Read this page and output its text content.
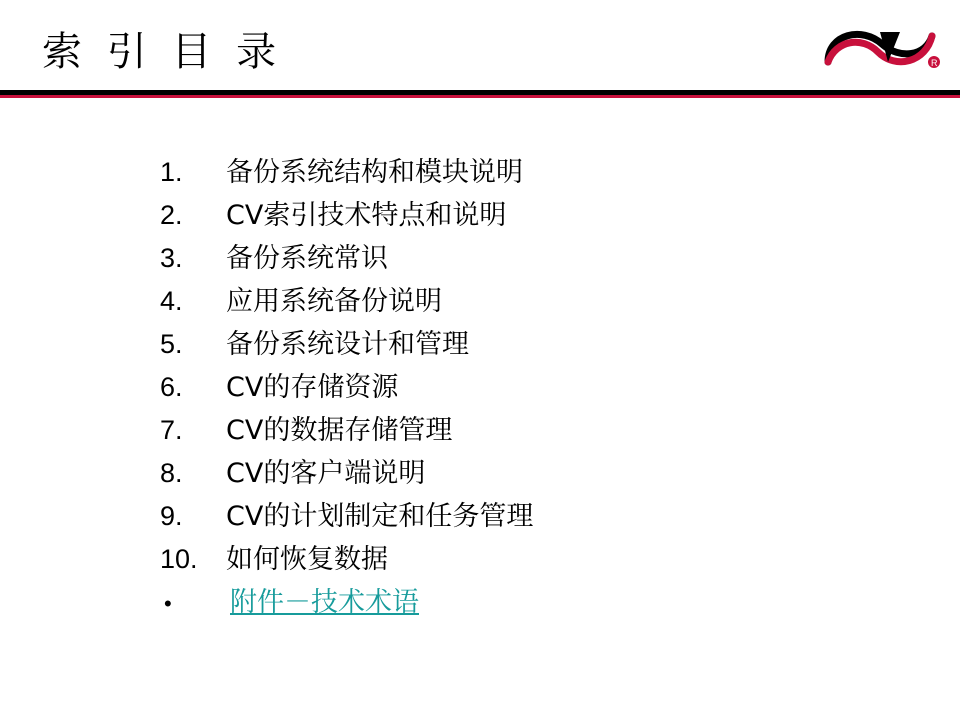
索 引 目 录	R
1.	备份系统结构和模块说明
2.	CV索引技术特点和说明
3.	备份系统常识
4.	应用系统备份说明
5.	备份系统设计和管理
6.	CV的存储资源
7.	CV的数据存储管理
8.	CV的客户端说明
9.	CV的计划制定和任务管理
10.	如何恢复数据
•	附件－技术术语
